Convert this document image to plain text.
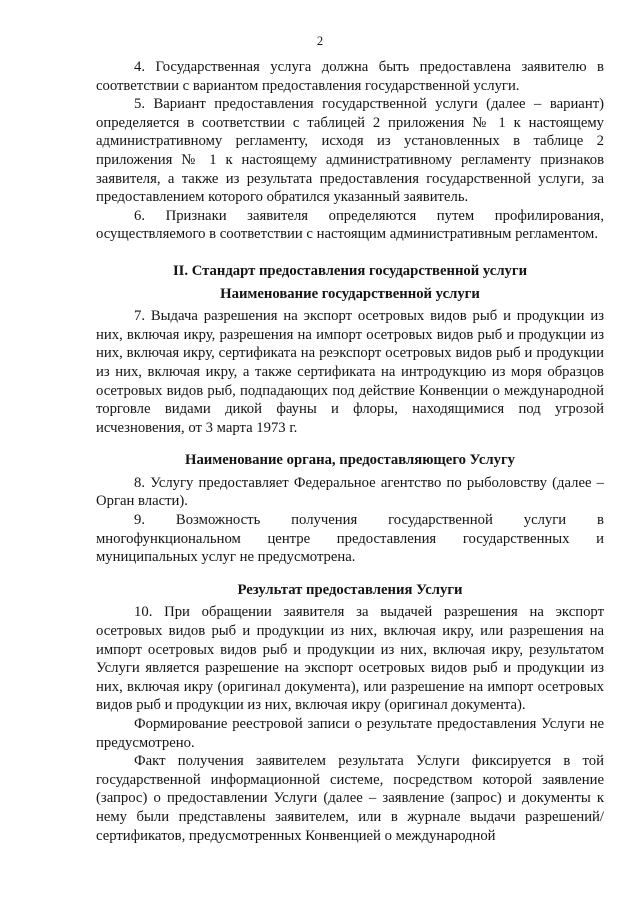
2

4. Государственная услуга должна быть предоставлена заявителю в соответствии с вариантом предоставления государственной услуги.

5. Вариант предоставления государственной услуги (далее – вариант) определяется в соответствии с таблицей 2 приложения № 1 к настоящему административному регламенту, исходя из установленных в таблице 2 приложения № 1 к настоящему административному регламенту признаков заявителя, а также из результата предоставления государственной услуги, за предоставлением которого обратился указанный заявитель.

6. Признаки заявителя определяются путем профилирования, осуществляемого в соответствии с настоящим административным регламентом.

II. Стандарт предоставления государственной услуги
Наименование государственной услуги

7. Выдача разрешения на экспорт осетровых видов рыб и продукции из них, включая икру, разрешения на импорт осетровых видов рыб и продукции из них, включая икру, сертификата на реэкспорт осетровых видов рыб и продукции из них, включая икру, а также сертификата на интродукцию из моря образцов осетровых видов рыб, подпадающих под действие Конвенции о международной торговле видами дикой фауны и флоры, находящимися под угрозой исчезновения, от 3 марта 1973 г.

Наименование органа, предоставляющего Услугу

8. Услугу предоставляет Федеральное агентство по рыболовству (далее – Орган власти).

9. Возможность получения государственной услуги в многофункциональном центре предоставления государственных и муниципальных услуг не предусмотрена.

Результат предоставления Услуги

10. При обращении заявителя за выдачей разрешения на экспорт осетровых видов рыб и продукции из них, включая икру, или разрешения на импорт осетровых видов рыб и продукции из них, включая икру, результатом Услуги является разрешение на экспорт осетровых видов рыб и продукции из них, включая икру (оригинал документа), или разрешение на импорт осетровых видов рыб и продукции из них, включая икру (оригинал документа).

Формирование реестровой записи о результате предоставления Услуги не предусмотрено.

Факт получения заявителем результата Услуги фиксируется в той государственной информационной системе, посредством которой заявление (запрос) о предоставлении Услуги (далее – заявление (запрос) и документы к нему были представлены заявителем, или в журнале выдачи разрешений/сертификатов, предусмотренных Конвенцией о международной
